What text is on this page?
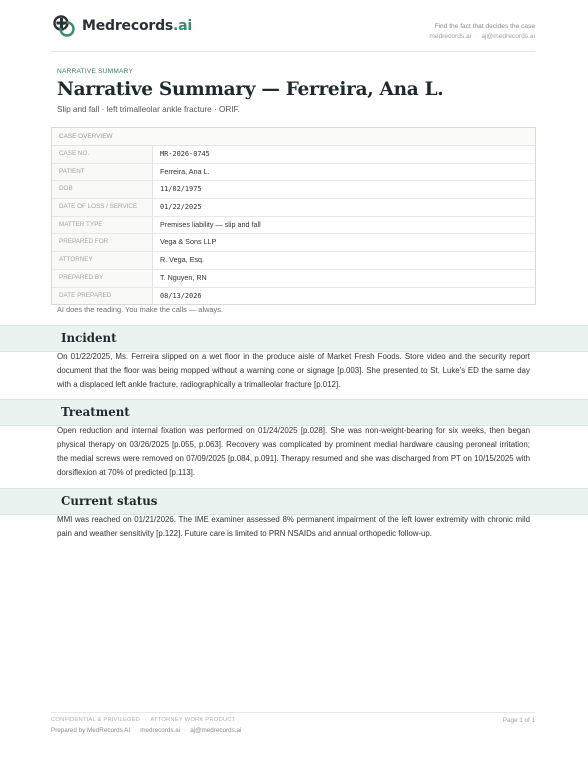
Medrecords.ai	Find the fact that decides the case
medrecords.ai · aj@medrecords.ai
NARRATIVE SUMMARY
Narrative Summary — Ferreira, Ana L.
Slip and fall · left trimalleolar ankle fracture · ORIF.
CASE OVERVIEW
CASE NO.	MR-2026-0745
PATIENT	Ferreira, Ana L.
DOB	11/02/1975
DATE OF LOSS / SERVICE	01/22/2025
MATTER TYPE	Premises liability — slip and fall
PREPARED FOR	Vega & Sons LLP
ATTORNEY	R. Vega, Esq.
PREPARED BY	T. Nguyen, RN
DATE PREPARED	08/13/2026
AI does the reading. You make the calls — always.
Incident

On 01/22/2025, Ms. Ferreira slipped on a wet floor in the produce aisle of Market Fresh Foods. Store video and the security report document that the floor was being mopped without a warning cone or signage [p.003]. She presented to St. Luke's ED the same day with a displaced left ankle fracture, radiographically a trimalleolar fracture [p.012].

Treatment

Open reduction and internal fixation was performed on 01/24/2025 [p.028]. She was non-weight-bearing for six weeks, then began physical therapy on 03/26/2025 [p.055, p.063]. Recovery was complicated by prominent medial hardware causing peroneal irritation; the medial screws were removed on 07/09/2025 [p.084, p.091]. Therapy resumed and she was discharged from PT on 10/15/2025 with dorsiflexion at 70% of predicted [p.113].

Current status

MMI was reached on 01/21/2026. The IME examiner assessed 8% permanent impairment of the left lower extremity with chronic mild pain and weather sensitivity [p.122]. Future care is limited to PRN NSAIDs and annual orthopedic follow-up.

CONFIDENTIAL & PRIVILEGED · ATTORNEY WORK PRODUCT	Page 1 of 1
Prepared by MedRecords AI · medrecords.ai · aj@medrecords.ai
